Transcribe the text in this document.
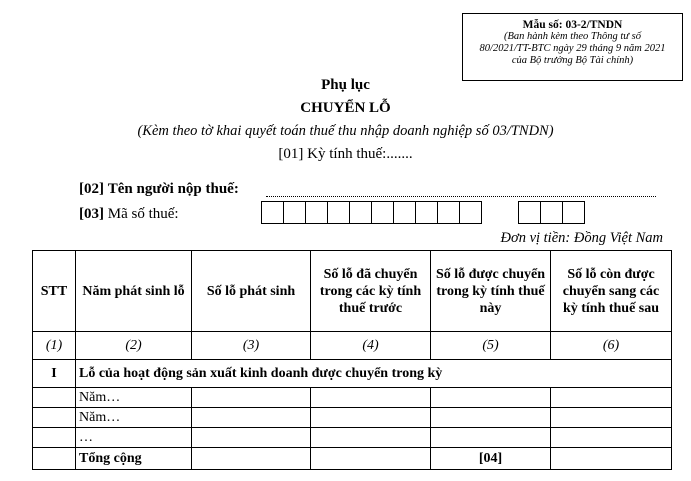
Mẫu số: 03-2/TNDN
(Ban hành kèm theo Thông tư số
80/2021/TT-BTC ngày 29 tháng 9 năm 2021
của Bộ trưởng Bộ Tài chính)
Phụ lục
CHUYỂN LỖ
(Kèm theo tờ khai quyết toán thuế thu nhập doanh nghiệp số 03/TNDN)
[01] Kỳ tính thuế:.......
[02] Tên người nộp thuế:
[03] Mã số thuế:
Đơn vị tiền: Đồng Việt Nam
STT	Năm phát sinh lỗ	Số lỗ phát sinh	Số lỗ đã chuyển trong các kỳ tính thuế trước	Số lỗ được chuyển trong kỳ tính thuế này	Số lỗ còn được chuyển sang các kỳ tính thuế sau
(1)	(2)	(3)	(4)	(5)	(6)
I	Lỗ của hoạt động sản xuất kinh doanh được chuyển trong kỳ				
	Năm…				
	Năm…				
	…				
	Tổng cộng			[04]	
